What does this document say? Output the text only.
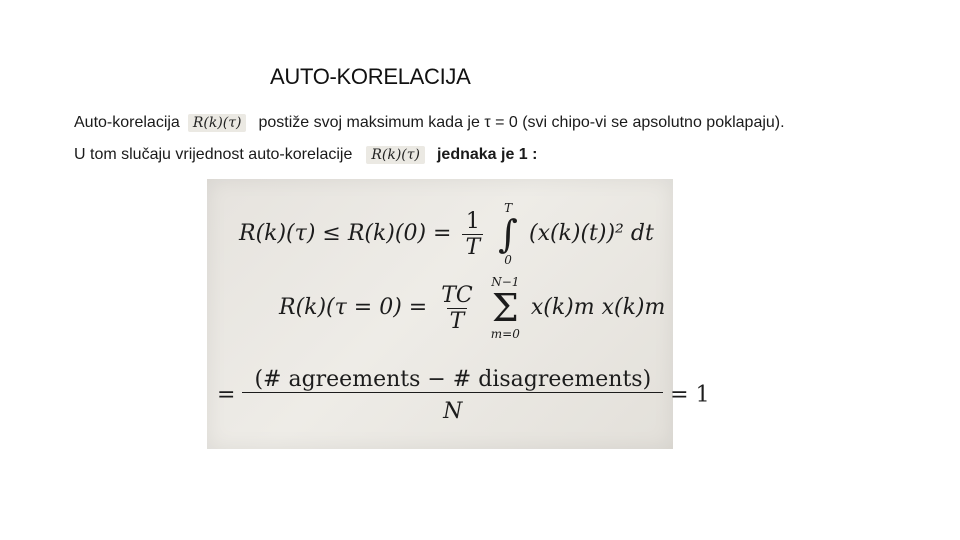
AUTO-KORELACIJA
Auto-korelacija R(k)(τ) postiže svoj maksimum kada je τ = 0 (svi chipo-vi se apsolutno poklapaju).
U tom slučaju vrijednost auto-korelacije R(k)(τ) jednaka je 1 :
$R(k)(\tau) \le R(k)(0) = \frac{1}{T}$

T
∫
0
(x(k)(t))² dt
$R(k)(\tau = 0) = \frac{TC}{T}$

N−1
Σ
m=0
x(k)m x(k)m
= $\frac{\text{(\# agreements − \# disagreements)}}{N} = 1$
